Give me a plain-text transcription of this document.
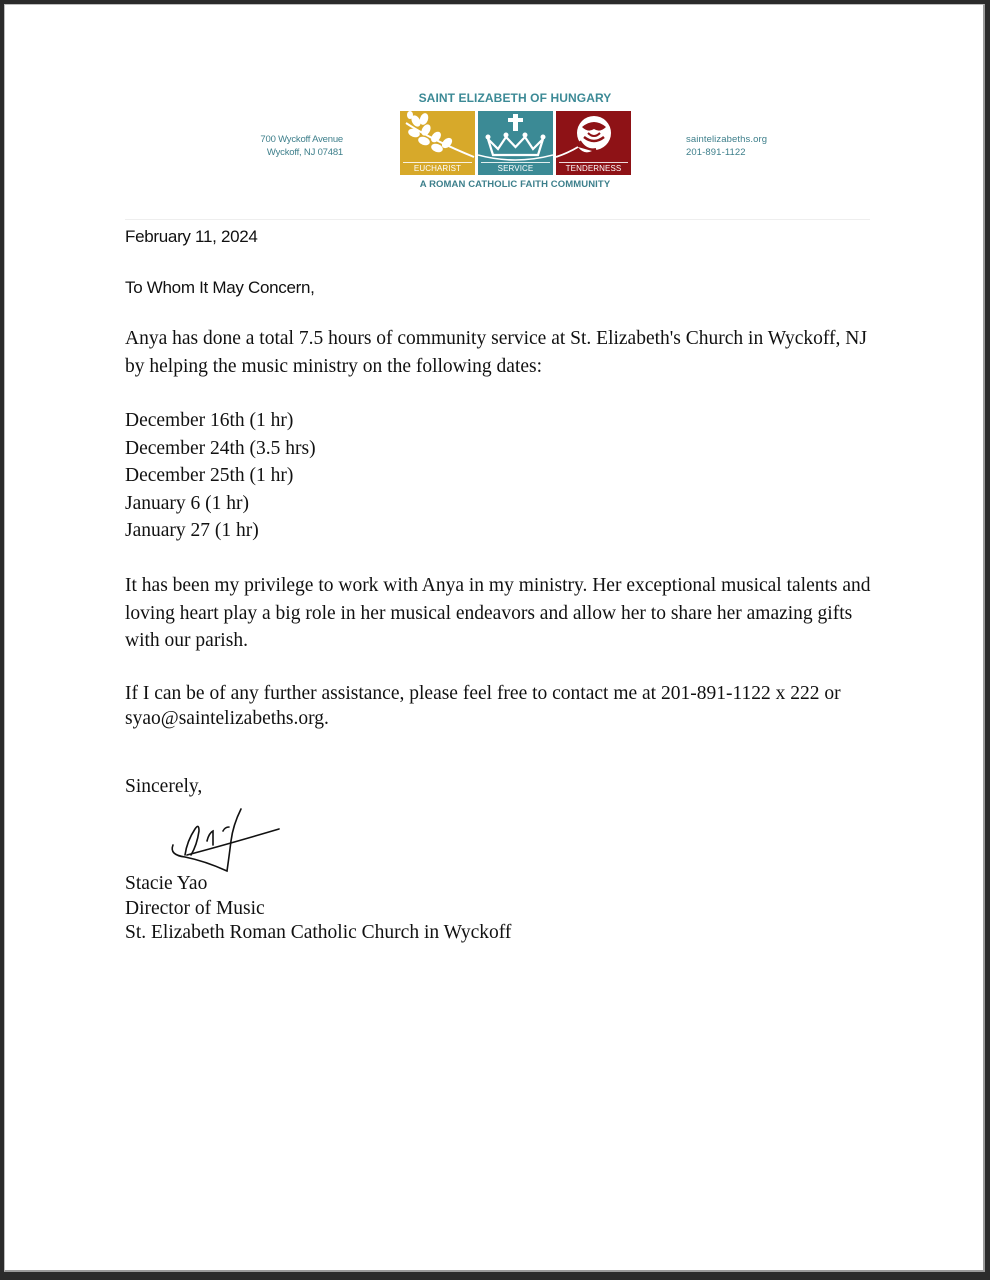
700 Wyckoff Avenue
Wyckoff, NJ 07481
SAINT ELIZABETH OF HUNGARY
EUCHARIST	SERVICE	TENDERNESS
A ROMAN CATHOLIC FAITH COMMUNITY
saintelizabeths.org
201-891-1122

February 11, 2024

To Whom It May Concern,

Anya has done a total 7.5 hours of community service at St. Elizabeth's Church in Wyckoff, NJ by helping the music ministry on the following dates:

December 16th (1 hr)
December 24th (3.5 hrs)
December 25th (1 hr)
January 6 (1 hr)
January 27 (1 hr)

It has been my privilege to work with Anya in my ministry. Her exceptional musical talents and loving heart play a big role in her musical endeavors and allow her to share her amazing gifts with our parish.

If I can be of any further assistance, please feel free to contact me at 201-891-1122 x 222 or syao@saintelizabeths.org.

Sincerely,

Stacie Yao
Director of Music
St. Elizabeth Roman Catholic Church in Wyckoff
